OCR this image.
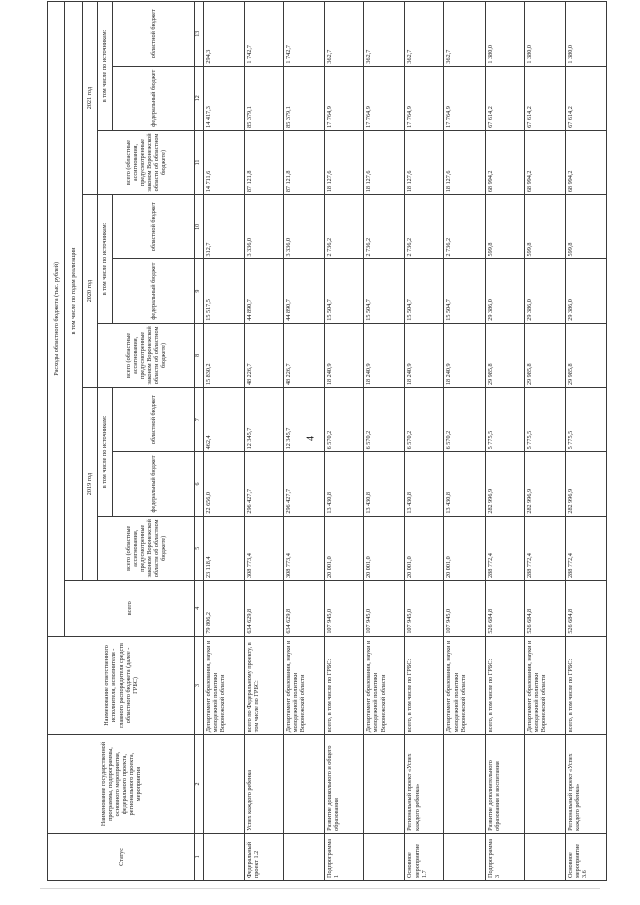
4
Статус	Наименование государственной программы, подпрограммы, основного мероприятия, федерального проекта, регионального проекта, мероприятия	Наименование ответственного исполнителя, исполнителя - главного распорядителя средств областного бюджета (далее - ГРБС)	Расходы областного бюджета (тыс. рублей)									
			всего	в том числе по годам реализации								
				2019 год			2020 год			2021 год		
				всего (областные ассигнования, предусмотренные законом Воронежской области об областном бюджете)	в том числе по источникам:		всего (областные ассигнования, предусмотренные законом Воронежской области об областном бюджете)	в том числе по источникам:		всего (областные ассигнования, предусмотренные законом Воронежской области об областном бюджете)	в том числе по источникам:	
					федеральный бюджет	областной бюджет		федеральный бюджет	областной бюджет		федеральный бюджет	областной бюджет
1	2	3	4	5	6	7	8	9	10	11	12	13
		Департамент образования, науки и молодежной политики Воронежской области	79 806,2	23 118,4	22 656,0	462,4	15 830,2	15 517,5	312,7	14 711,6	14 417,3	294,3
Федеральный проект 1.2	Успех каждого ребенка	всего по Федеральному проекту, в том числе по ГРБС:	634 629,8	308 773,4	296 427,7	12 345,7	48 226,7	44 890,7	3 336,0	87 121,8	85 379,1	1 742,7
		Департамент образования, науки и молодежной политики Воронежской области	634 629,8	308 773,4	296 427,7	12 345,7	48 226,7	44 890,7	3 336,0	87 121,8	85 379,1	1 742,7
Подпрограмма 1	Развитие дошкольного и общего образования	всего, в том числе по ГРБС:	107 945,0	20 001,0	13 430,8	6 570,2	18 240,9	15 504,7	2 736,2	18 127,6	17 764,9	362,7
		Департамент образования, науки и молодежной политики Воронежской области	107 945,0	20 001,0	13 430,8	6 570,2	18 240,9	15 504,7	2 736,2	18 127,6	17 764,9	362,7
Основное мероприятие 1.7	Региональный проект «Успех каждого ребенка»	всего, в том числе по ГРБС:	107 945,0	20 001,0	13 430,8	6 570,2	18 240,9	15 504,7	2 736,2	18 127,6	17 764,9	362,7
		Департамент образования, науки и молодежной политики Воронежской области	107 945,0	20 001,0	13 430,8	6 570,2	18 240,9	15 504,7	2 736,2	18 127,6	17 764,9	362,7
Подпрограмма 3	Развитие дополнительного образования и воспитания	всего, в том числе по ГРБС:	526 684,8	288 772,4	282 996,9	5 775,5	29 985,8	29 386,0	599,8	68 994,2	67 614,2	1 380,0
		Департамент образования, науки и молодежной политики Воронежской области	526 684,8	288 772,4	282 996,9	5 775,5	29 985,8	29 386,0	599,8	68 994,2	67 614,2	1 380,0
Основное мероприятие 3.6	Региональный проект «Успех каждого ребенка»	всего, в том числе по ГРБС:	526 684,8	288 772,4	282 996,9	5 775,5	29 985,8	29 386,0	599,8	68 994,2	67 614,2	1 380,0
